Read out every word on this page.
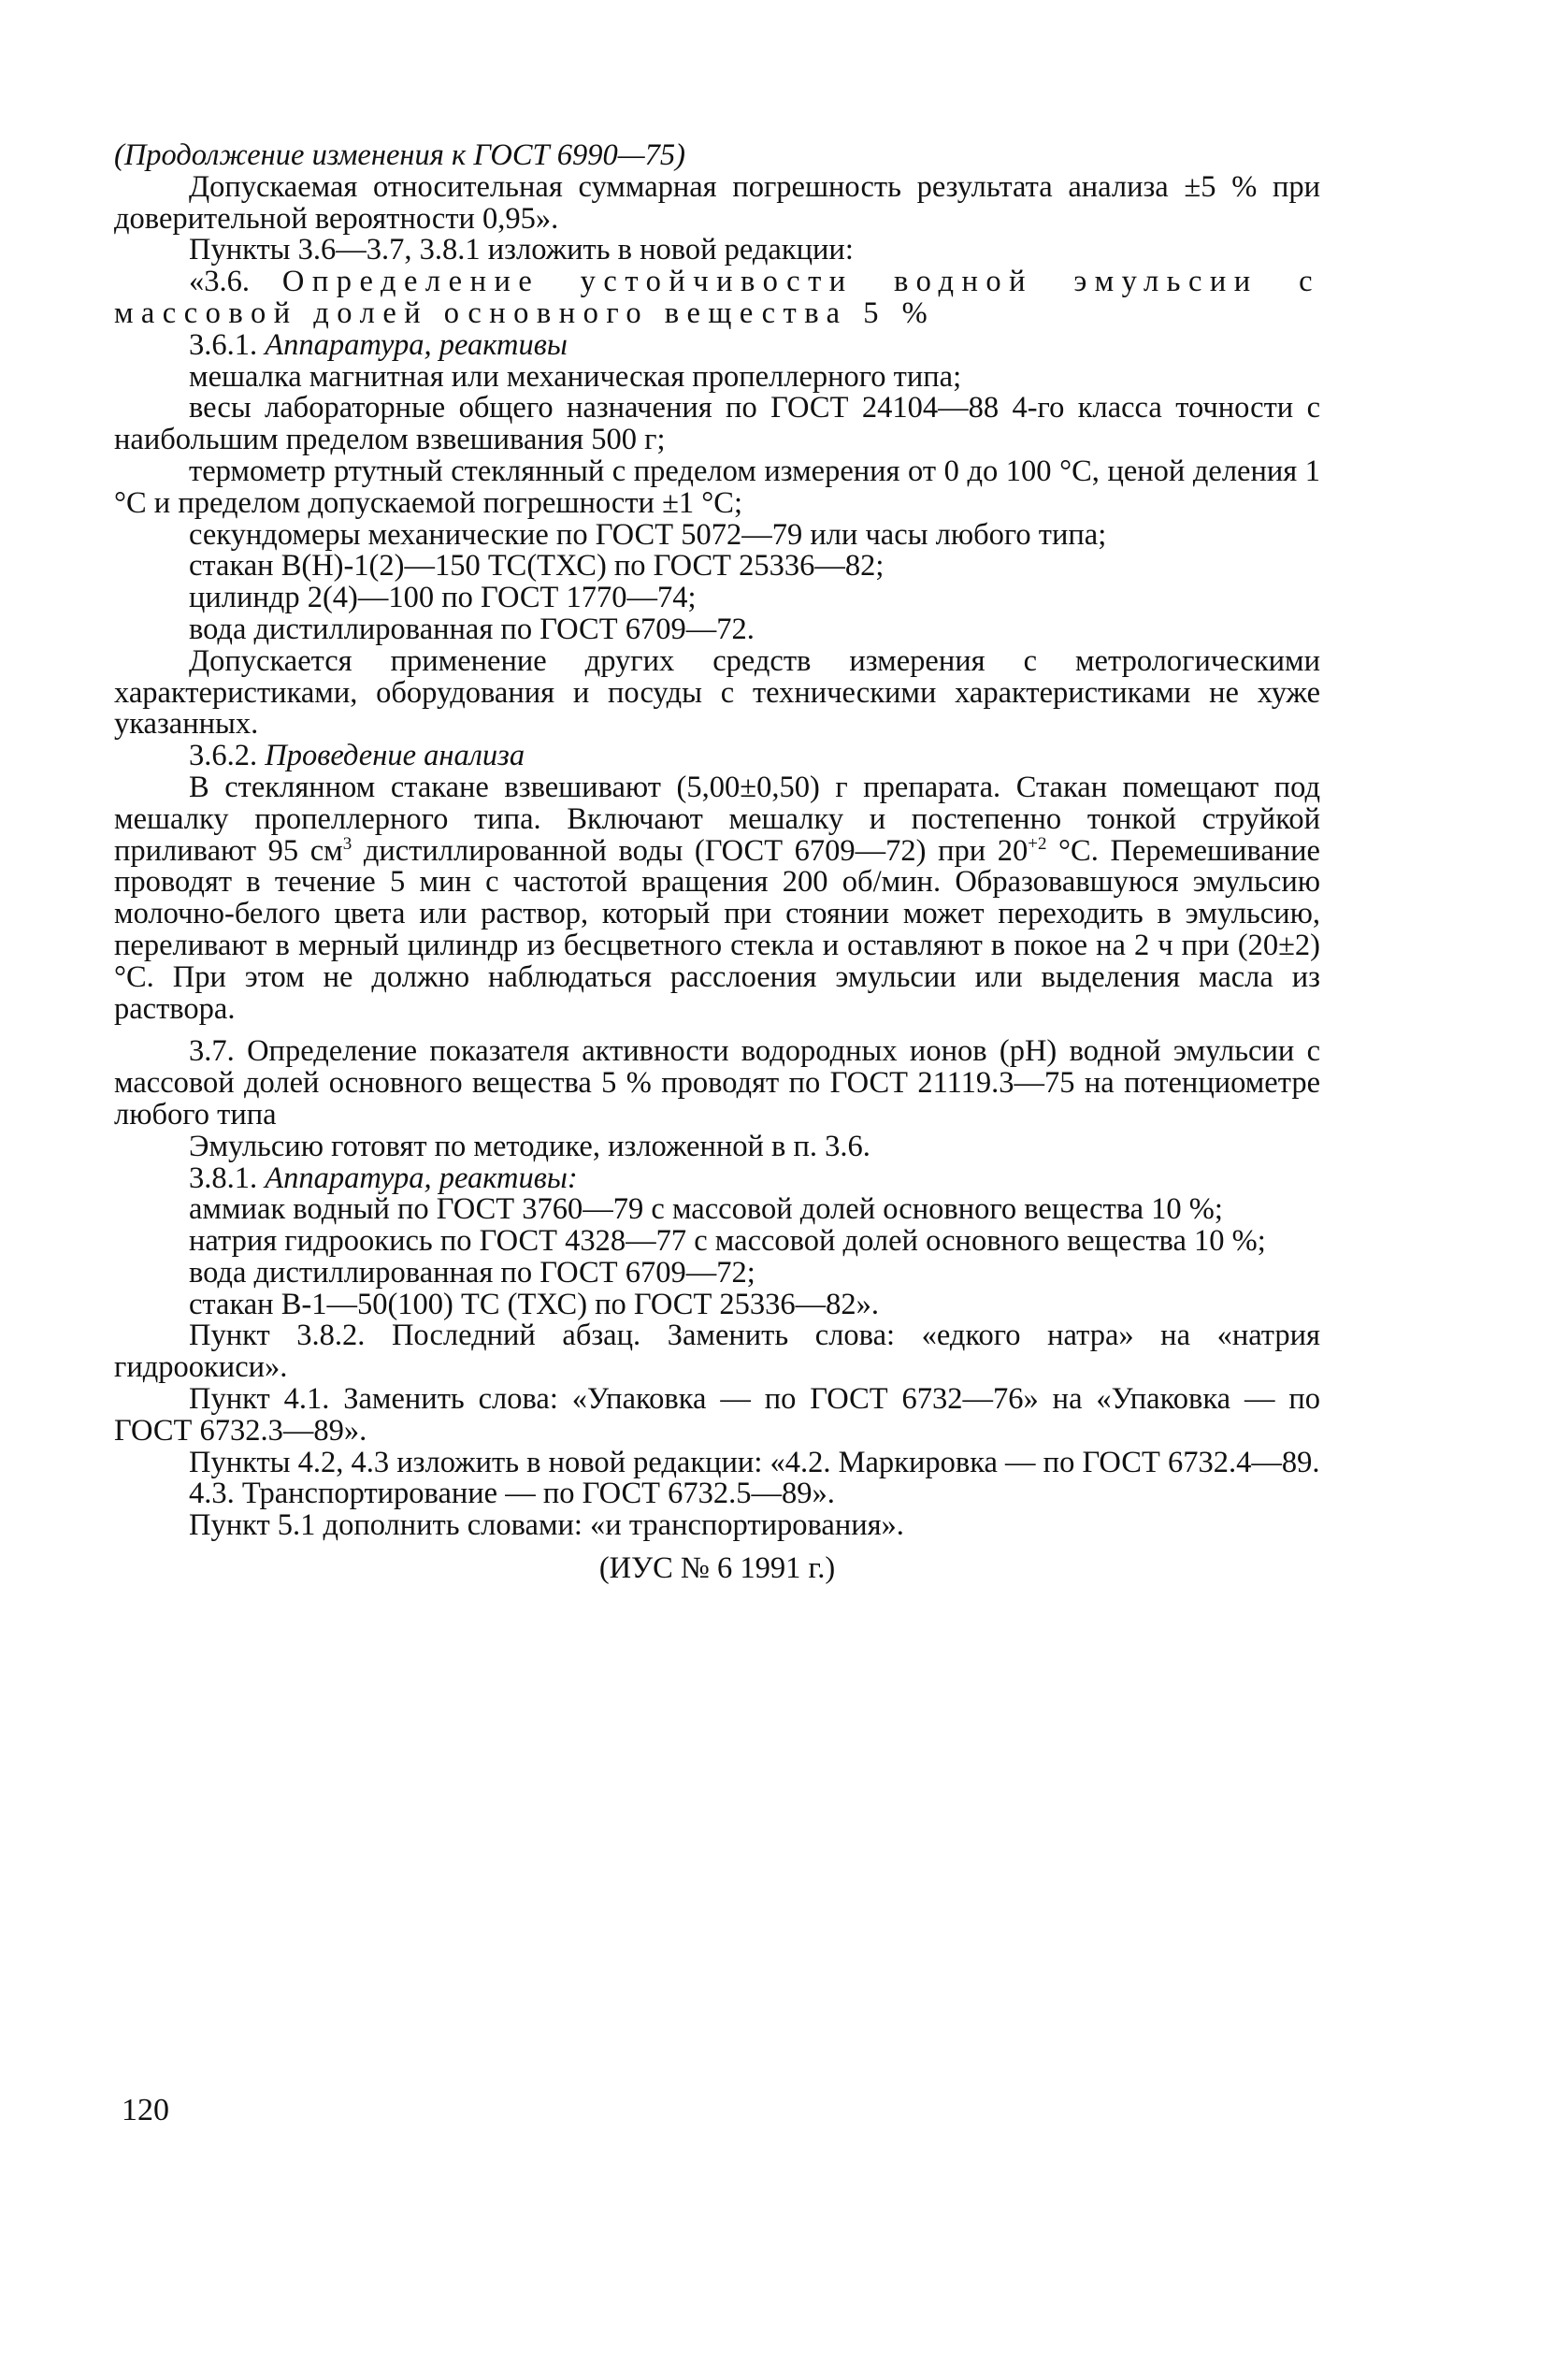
(Продолжение изменения к ГОСТ 6990—75)

Допускаемая относительная суммарная погрешность результата анализа ±5 % при доверительной вероятности 0,95».

Пункты 3.6—3.7, 3.8.1 изложить в новой редакции:

«3.6. Определение устойчивости водной эмульсии с массовой долей основного вещества 5 %

3.6.1. Аппаратура, реактивы

мешалка магнитная или механическая пропеллерного типа;

весы лабораторные общего назначения по ГОСТ 24104—88 4-го класса точности с наибольшим пределом взвешивания 500 г;

термометр ртутный стеклянный с пределом измерения от 0 до 100 °С, ценой деления 1 °С и пределом допускаемой погрешности ±1 °С;

секундомеры механические по ГОСТ 5072—79 или часы любого типа;

стакан В(Н)-1(2)—150 ТС(ТХС) по ГОСТ 25336—82;

цилиндр 2(4)—100 по ГОСТ 1770—74;

вода дистиллированная по ГОСТ 6709—72.

Допускается применение других средств измерения с метрологическими характеристиками, оборудования и посуды с техническими характеристиками не хуже указанных.

3.6.2. Проведение анализа

В стеклянном стакане взвешивают (5,00±0,50) г препарата. Стакан помещают под мешалку пропеллерного типа. Включают мешалку и постепенно тонкой струйкой приливают 95 $см^3$ дистиллированной воды (ГОСТ 6709—72) при $20^{+2}$ °С. Перемешивание проводят в течение 5 мин с частотой вращения 200 об/мин. Образовавшуюся эмульсию молочно-белого цвета или раствор, который при стоянии может переходить в эмульсию, переливают в мерный цилиндр из бесцветного стекла и оставляют в покое на 2 ч при (20±2) °С. При этом не должно наблюдаться расслоения эмульсии или выделения масла из раствора.

3.7. Определение показателя активности водородных ионов (рН) водной эмульсии с массовой долей основного вещества 5 % проводят по ГОСТ 21119.3—75 на потенциометре любого типа

Эмульсию готовят по методике, изложенной в п. 3.6.

3.8.1. Аппаратура, реактивы:

аммиак водный по ГОСТ 3760—79 с массовой долей основного вещества 10 %;

натрия гидроокись по ГОСТ 4328—77 с массовой долей основного вещества 10 %;

вода дистиллированная по ГОСТ 6709—72;

стакан В-1—50(100) ТС (ТХС) по ГОСТ 25336—82».

Пункт 3.8.2. Последний абзац. Заменить слова: «едкого натра» на «натрия гидроокиси».

Пункт 4.1. Заменить слова: «Упаковка — по ГОСТ 6732—76» на «Упаковка — по ГОСТ 6732.3—89».

Пункты 4.2, 4.3 изложить в новой редакции: «4.2. Маркировка — по ГОСТ 6732.4—89.

4.3. Транспортирование — по ГОСТ 6732.5—89».

Пункт 5.1 дополнить словами: «и транспортирования».

(ИУС № 6 1991 г.)

120
